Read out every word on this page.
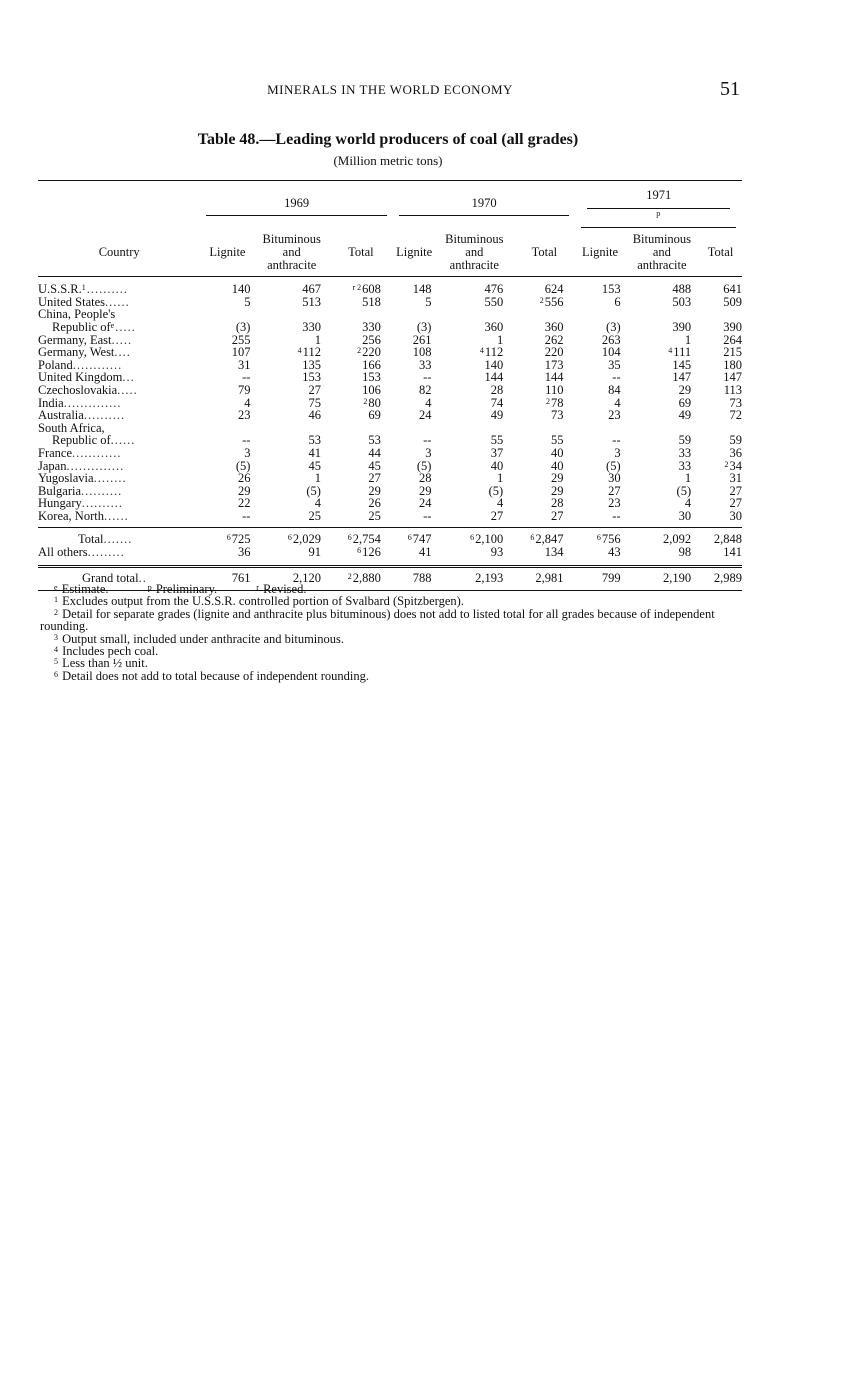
MINERALS IN THE WORLD ECONOMY	51
Table 48.—Leading world producers of coal (all grades)
(Million metric tons)

	1969			1970			1971
$^p$

Country	Lignite	Bituminous
and
anthracite	Total	Lignite	Bituminous
and
anthracite	Total	Lignite	Bituminous
and
anthracite	Total
U.S.S.R.$^1$..........	140	467	$^{r 2}$608	148	476	624	153	488	641
United States......	5	513	518	5	550	$^2$556	6	503	509
China, People's									
Republic $of^e$.....	(3)	330	330	(3)	360	360	(3)	390	390
Germany, East.....	255	1	256	261	1	262	263	1	264
Germany, West....	107	$^4$112	$^2$220	108	$^4$112	220	104	$^4$111	215
Poland............	31	135	166	33	140	173	35	145	180
United Kingdom...	--	153	153	--	144	144	--	147	147
Czechoslovakia.....	79	27	106	82	28	110	84	29	113
India..............	4	75	$^2$80	4	74	$^2$78	4	69	73
Australia..........	23	46	69	24	49	73	23	49	72
South Africa,									
Republic of......	--	53	53	--	55	55	--	59	59
France............	3	41	44	3	37	40	3	33	36
Japan..............	(5)	45	45	(5)	40	40	(5)	33	$^2$34
Yugoslavia........	26	1	27	28	1	29	30	1	31
Bulgaria..........	29	(5)	29	29	(5)	29	27	(5)	27
Hungary..........	22	4	26	24	4	28	23	4	27
Korea, North......	--	25	25	--	27	27	--	30	30
Total.......	$^6$725	$^6$2,029	$^6$2,754	$^6$747	$^6$2,100	$^6$2,847	$^6$756	2,092	2,848
All others.........	36	91	$^6$126	41	93	134	43	98	141
Grand total..	761	2,120	$^2$2,880	788	2,193	2,981	799	2,190	2,989
$^e$ Estimate.	$^p$ Preliminary.	$^r$ Revised.
$^1$ Excludes output from the U.S.S.R. controlled portion of Svalbard (Spitzbergen).
$^2$ Detail for separate grades (lignite and anthracite plus bituminous) does not add to listed total for all grades because of independent rounding.
$^3$ Output small, included under anthracite and bituminous.
$^4$ Includes pech coal.
$^5$ Less than ½ unit.
$^6$ Detail does not add to total because of independent rounding.
